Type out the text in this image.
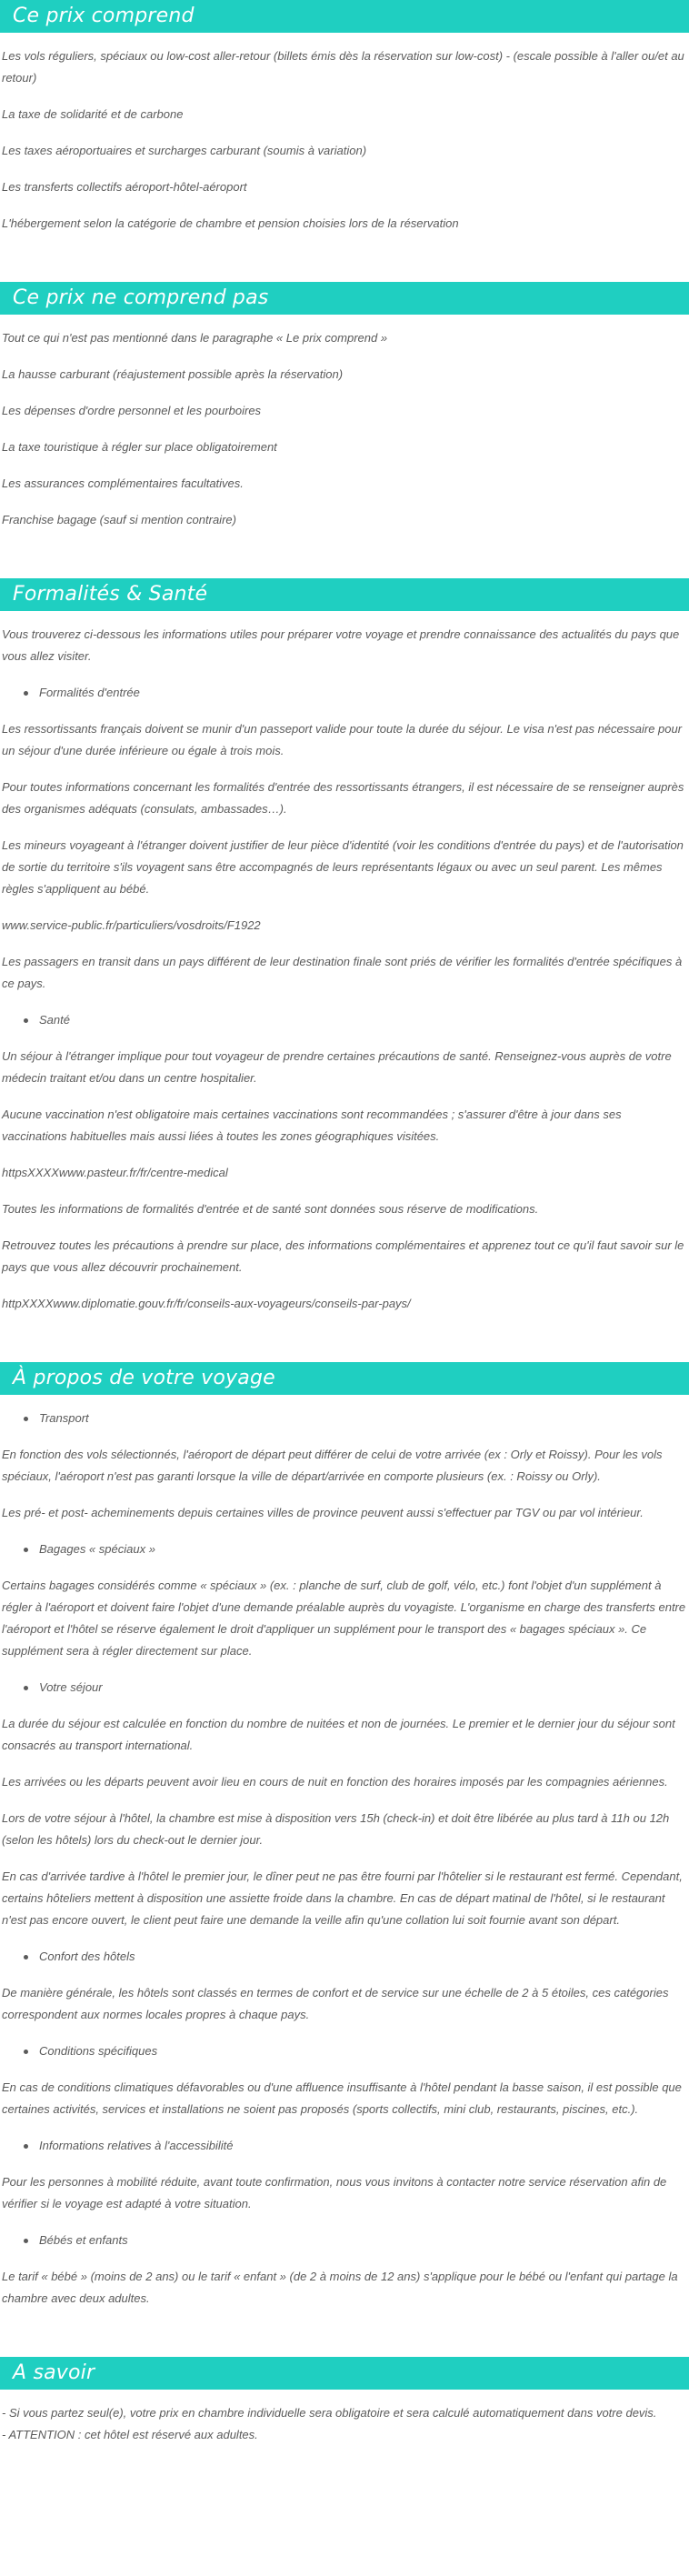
Ce prix comprend

Les vols réguliers, spéciaux ou low-cost aller-retour (billets émis dès la réservation sur low-cost) - (escale possible à l'aller ou/et au retour)

La taxe de solidarité et de carbone

Les taxes aéroportuaires et surcharges carburant (soumis à variation)

Les transferts collectifs aéroport-hôtel-aéroport

L'hébergement selon la catégorie de chambre et pension choisies lors de la réservation

Ce prix ne comprend pas

Tout ce qui n'est pas mentionné dans le paragraphe « Le prix comprend »

La hausse carburant (réajustement possible après la réservation)

Les dépenses d'ordre personnel et les pourboires

La taxe touristique à régler sur place obligatoirement

Les assurances complémentaires facultatives.

Franchise bagage (sauf si mention contraire)

Formalités & Santé

Vous trouverez ci-dessous les informations utiles pour préparer votre voyage et prendre connaissance des actualités du pays que vous allez visiter.

Formalités d'entrée

Les ressortissants français doivent se munir d'un passeport valide pour toute la durée du séjour. Le visa n'est pas nécessaire pour un séjour d'une durée inférieure ou égale à trois mois.

Pour toutes informations concernant les formalités d'entrée des ressortissants étrangers, il est nécessaire de se renseigner auprès des organismes adéquats (consulats, ambassades…).

Les mineurs voyageant à l'étranger doivent justifier de leur pièce d'identité (voir les conditions d'entrée du pays) et de l'autorisation de sortie du territoire s'ils voyagent sans être accompagnés de leurs représentants légaux ou avec un seul parent. Les mêmes règles s'appliquent au bébé.

www.service-public.fr/particuliers/vosdroits/F1922

Les passagers en transit dans un pays différent de leur destination finale sont priés de vérifier les formalités d'entrée spécifiques à ce pays.

Santé

Un séjour à l'étranger implique pour tout voyageur de prendre certaines précautions de santé. Renseignez-vous auprès de votre médecin traitant et/ou dans un centre hospitalier.

Aucune vaccination n'est obligatoire mais certaines vaccinations sont recommandées ; s'assurer d'être à jour dans ses vaccinations habituelles mais aussi liées à toutes les zones géographiques visitées.

httpsXXXXwww.pasteur.fr/fr/centre-medical

Toutes les informations de formalités d'entrée et de santé sont données sous réserve de modifications.

Retrouvez toutes les précautions à prendre sur place, des informations complémentaires et apprenez tout ce qu'il faut savoir sur le pays que vous allez découvrir prochainement.

httpXXXXwww.diplomatie.gouv.fr/fr/conseils-aux-voyageurs/conseils-par-pays/

À propos de votre voyage
Transport

En fonction des vols sélectionnés, l'aéroport de départ peut différer de celui de votre arrivée (ex : Orly et Roissy). Pour les vols spéciaux, l'aéroport n'est pas garanti lorsque la ville de départ/arrivée en comporte plusieurs (ex. : Roissy ou Orly).

Les pré- et post- acheminements depuis certaines villes de province peuvent aussi s'effectuer par TGV ou par vol intérieur.

Bagages « spéciaux »

Certains bagages considérés comme « spéciaux » (ex. : planche de surf, club de golf, vélo, etc.) font l'objet d'un supplément à régler à l'aéroport et doivent faire l'objet d'une demande préalable auprès du voyagiste. L'organisme en charge des transferts entre l'aéroport et l'hôtel se réserve également le droit d'appliquer un supplément pour le transport des « bagages spéciaux ». Ce supplément sera à régler directement sur place.

Votre séjour

La durée du séjour est calculée en fonction du nombre de nuitées et non de journées. Le premier et le dernier jour du séjour sont consacrés au transport international.

Les arrivées ou les départs peuvent avoir lieu en cours de nuit en fonction des horaires imposés par les compagnies aériennes.

Lors de votre séjour à l'hôtel, la chambre est mise à disposition vers 15h (check-in) et doit être libérée au plus tard à 11h ou 12h (selon les hôtels) lors du check-out le dernier jour.

En cas d'arrivée tardive à l'hôtel le premier jour, le dîner peut ne pas être fourni par l'hôtelier si le restaurant est fermé. Cependant, certains hôteliers mettent à disposition une assiette froide dans la chambre. En cas de départ matinal de l'hôtel, si le restaurant n'est pas encore ouvert, le client peut faire une demande la veille afin qu'une collation lui soit fournie avant son départ.

Confort des hôtels

De manière générale, les hôtels sont classés en termes de confort et de service sur une échelle de 2 à 5 étoiles, ces catégories correspondent aux normes locales propres à chaque pays.

Conditions spécifiques

En cas de conditions climatiques défavorables ou d'une affluence insuffisante à l'hôtel pendant la basse saison, il est possible que certaines activités, services et installations ne soient pas proposés (sports collectifs, mini club, restaurants, piscines, etc.).

Informations relatives à l'accessibilité

Pour les personnes à mobilité réduite, avant toute confirmation, nous vous invitons à contacter notre service réservation afin de vérifier si le voyage est adapté à votre situation.

Bébés et enfants

Le tarif « bébé » (moins de 2 ans) ou le tarif « enfant » (de 2 à moins de 12 ans) s'applique pour le bébé ou l'enfant qui partage la chambre avec deux adultes.

A savoir

- Si vous partez seul(e), votre prix en chambre individuelle sera obligatoire et sera calculé automatiquement dans votre devis.

- ATTENTION : cet hôtel est réservé aux adultes.
